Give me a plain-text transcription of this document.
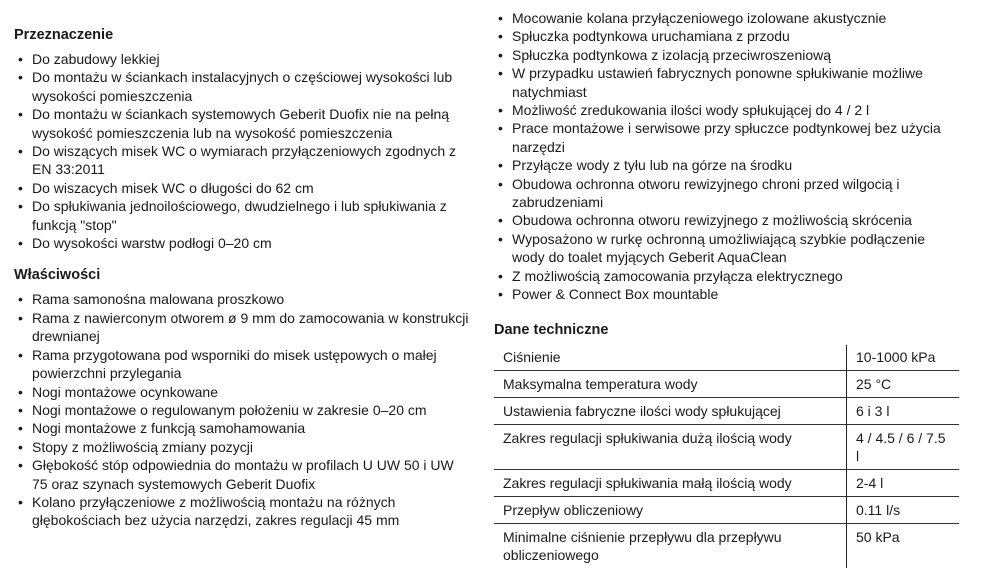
Przeznaczenie
• Do zabudowy lekkiej
• Do montażu w ściankach instalacyjnych o częściowej wysokości lub wysokości pomieszczenia
• Do montażu w ściankach systemowych Geberit Duofix nie na pełną wysokość pomieszczenia lub na wysokość pomieszczenia
• Do wiszących misek WC o wymiarach przyłączeniowych zgodnych z EN 33:2011
• Do wiszacych misek WC o długości do 62 cm
• Do spłukiwania jednoilościowego, dwudzielnego i lub spłukiwania z funkcją "stop"
• Do wysokości warstw podłogi 0–20 cm
Właściwości
• Rama samonośna malowana proszkowo
• Rama z nawierconym otworem ø 9 mm do zamocowania w konstrukcji drewnianej
• Rama przygotowana pod wsporniki do misek ustępowych o małej powierzchni przylegania
• Nogi montażowe ocynkowane
• Nogi montażowe o regulowanym położeniu w zakresie 0–20 cm
• Nogi montażowe z funkcją samohamowania
• Stopy z możliwością zmiany pozycji
• Głębokość stóp odpowiednia do montażu w profilach U UW 50 i UW 75 oraz szynach systemowych Geberit Duofix
• Kolano przyłączeniowe z możliwością montażu na różnych głębokościach bez użycia narzędzi, zakres regulacji 45 mm
• Mocowanie kolana przyłączeniowego izolowane akustycznie
• Spłuczka podtynkowa uruchamiana z przodu
• Spłuczka podtynkowa z izolacją przeciwroszeniową
• W przypadku ustawień fabrycznych ponowne spłukiwanie możliwe natychmiast
• Możliwość zredukowania ilości wody spłukującej do 4 / 2 l
• Prace montażowe i serwisowe przy spłuczce podtynkowej bez użycia narzędzi
• Przyłącze wody z tyłu lub na górze na środku
• Obudowa ochronna otworu rewizyjnego chroni przed wilgocią i zabrudzeniami
• Obudowa ochronna otworu rewizyjnego z możliwością skrócenia
• Wyposażono w rurkę ochronną umożliwiającą szybkie podłączenie wody do toalet myjących Geberit AquaClean
• Z możliwością zamocowania przyłącza elektrycznego
• Power & Connect Box mountable
Dane techniczne
Ciśnienie	10-1000 kPa
Maksymalna temperatura wody	25 °C
Ustawienia fabryczne ilości wody spłukującej	6 i 3 l
Zakres regulacji spłukiwania dużą ilością wody	4 / 4.5 / 6 / 7.5 l
Zakres regulacji spłukiwania małą ilością wody	2-4 l
Przepływ obliczeniowy	0.11 l/s
Minimalne ciśnienie przepływu dla przepływu obliczeniowego	50 kPa
